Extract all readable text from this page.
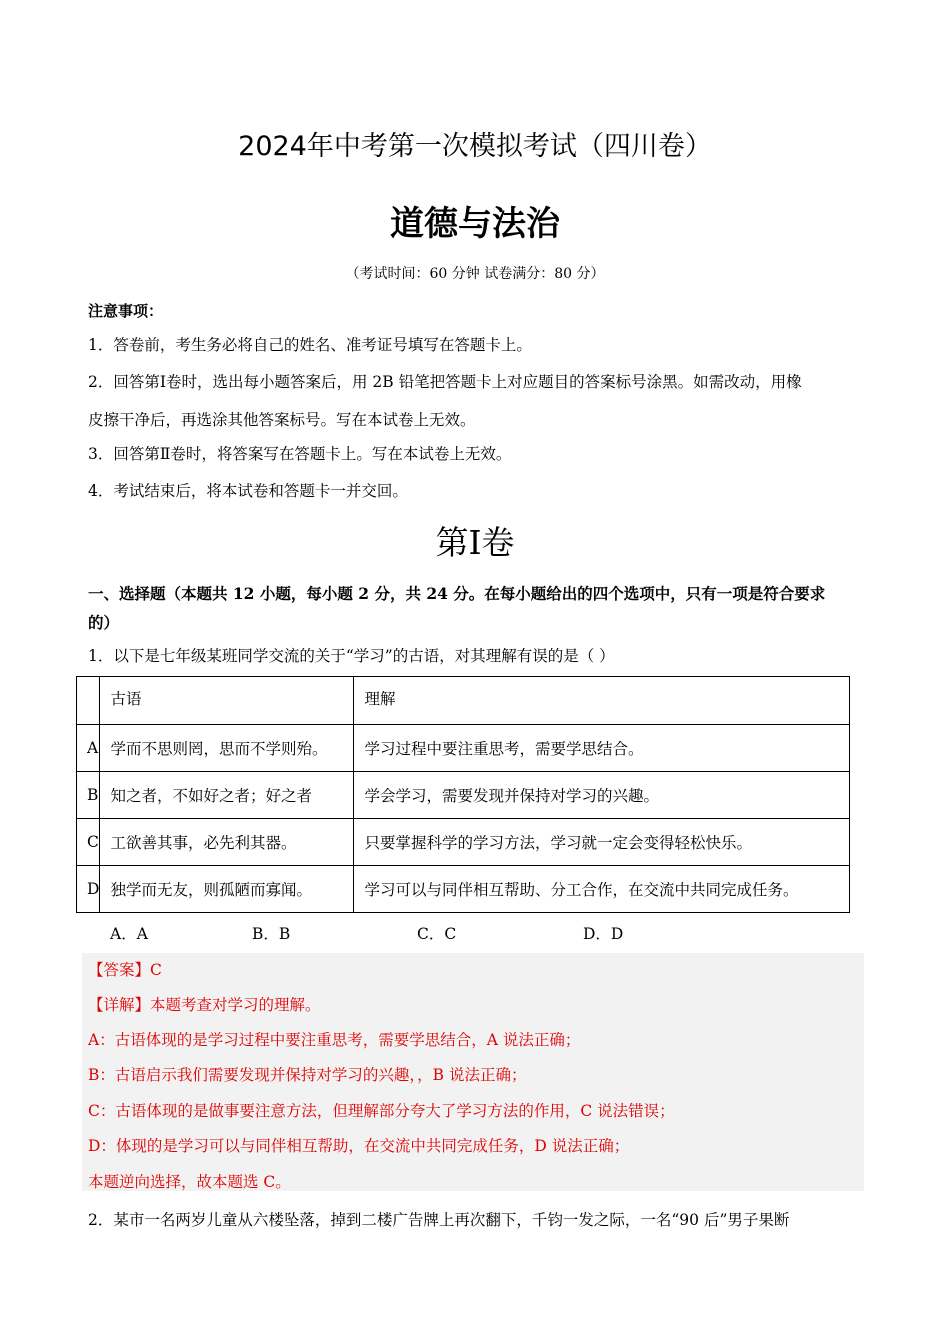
2024年中考第一次模拟考试（四川卷）
道德与法治
（考试时间：60 分钟 试卷满分：80 分）
注意事项：
1．答卷前，考生务必将自己的姓名、准考证号填写在答题卡上。
2．回答第Ⅰ卷时，选出每小题答案后，用 2B 铅笔把答题卡上对应题目的答案标号涂黑。如需改动，用橡
皮擦干净后，再选涂其他答案标号。写在本试卷上无效。
3．回答第Ⅱ卷时，将答案写在答题卡上。写在本试卷上无效。
4．考试结束后，将本试卷和答题卡一并交回。
第Ⅰ卷
一、选择题（本题共 12 小题，每小题 2 分，共 24 分。在每小题给出的四个选项中，只有一项是符合要求
的）
1．以下是七年级某班同学交流的关于“学习”的古语，对其理解有误的是（ ）
	古语	理解
A	学而不思则罔，思而不学则殆。	学习过程中要注重思考，需要学思结合。
B	知之者，不如好之者；好之者	学会学习，需要发现并保持对学习的兴趣。
C	工欲善其事，必先利其器。	只要掌握科学的学习方法，学习就一定会变得轻松快乐。
D	独学而无友，则孤陋而寡闻。	学习可以与同伴相互帮助、分工合作，在交流中共同完成任务。
A．A	B．B	C．C	D．D
【答案】C
【详解】本题考查对学习的理解。
A：古语体现的是学习过程中要注重思考，需要学思结合，A 说法正确；
B：古语启示我们需要发现并保持对学习的兴趣，，B 说法正确；
C：古语体现的是做事要注意方法，但理解部分夸大了学习方法的作用，C 说法错误；
D：体现的是学习可以与同伴相互帮助，在交流中共同完成任务，D 说法正确；
本题逆向选择，故本题选 C。
2．某市一名两岁儿童从六楼坠落，掉到二楼广告牌上再次翻下，千钧一发之际，一名“90 后”男子果断
